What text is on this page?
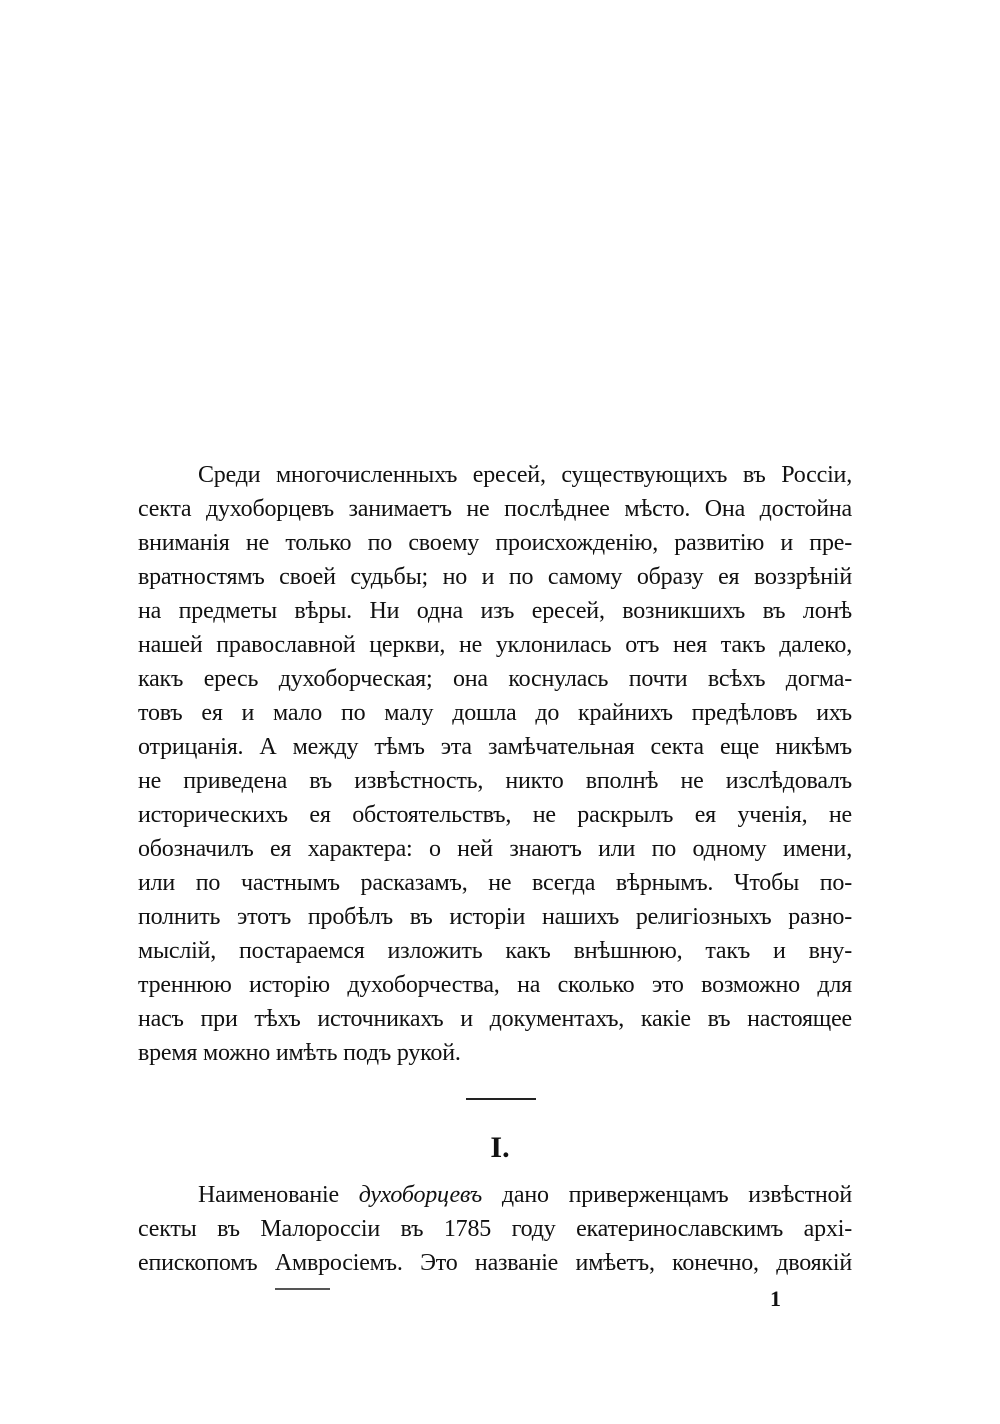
Среди многочисленныхъ ересей, существующихъ въ Россіи,
секта духоборцевъ занимаетъ не послѣднее мѣсто. Она достойна
вниманія не только по своему происхожденію, развитію и пре-
вратностямъ своей судьбы; но и по самому образу ея воззрѣній
на предметы вѣры. Ни одна изъ ересей, возникшихъ въ лонѣ
нашей православной церкви, не уклонилась отъ нея такъ далеко,
какъ ересь духоборческая; она коснулась почти всѣхъ догма-
товъ ея и мало по малу дошла до крайнихъ предѣловъ ихъ
отрицанія. А между тѣмъ эта замѣчательная секта еще никѣмъ
не приведена въ извѣстность, никто вполнѣ не изслѣдовалъ
историческихъ ея обстоятельствъ, не раскрылъ ея ученія, не
обозначилъ ея характера: о ней знаютъ или по одному имени,
или по частнымъ расказамъ, не всегда вѣрнымъ. Чтобы по-
полнить этотъ пробѣлъ въ исторіи нашихъ религіозныхъ разно-
мыслій, постараемся изложить какъ внѣшнюю, такъ и вну-
треннюю исторію духоборчества, на сколько это возможно для
насъ при тѣхъ источникахъ и документахъ, какіе въ настоящее
время можно имѣть подъ рукой.
I.
Наименованіе духоборцевъ дано приверженцамъ извѣстной
секты въ Малороссіи въ 1785 году екатеринославскимъ архі-
епископомъ Амвросіемъ. Это названіе имѣетъ, конечно, двоякій
1
